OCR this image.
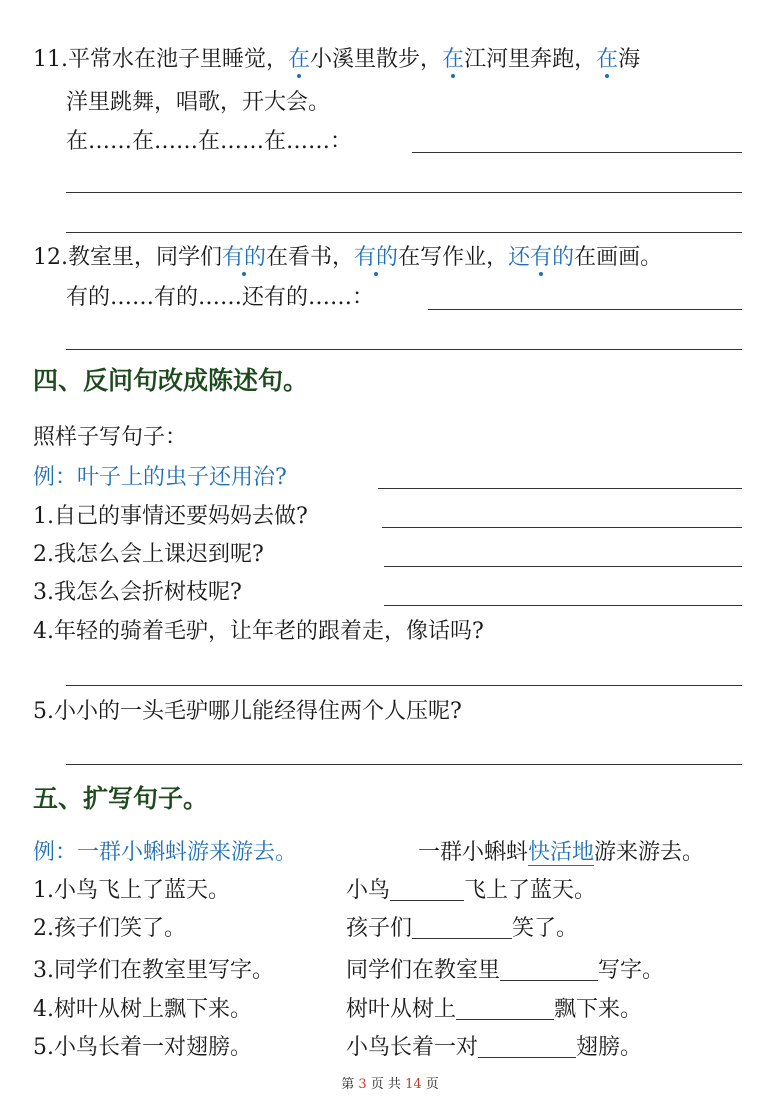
11.平常水在池子里睡觉，在小溪里散步，在江河里奔跑，在海
洋里跳舞，唱歌，开大会。
在……在……在……在……：
12.教室里，同学们有的在看书，有的在写作业，还有的在画画。
有的……有的……还有的……：
四、反问句改成陈述句。
照样子写句子：
例：叶子上的虫子还用治?
1.自己的事情还要妈妈去做?
2.我怎么会上课迟到呢?
3.我怎么会折树枝呢?
4.年轻的骑着毛驴，让年老的跟着走，像话吗?
5.小小的一头毛驴哪儿能经得住两个人压呢?
五、扩写句子。
例：一群小蝌蚪游来游去。	一群小蝌蚪快活地游来游去。
1.小鸟飞上了蓝天。	小鸟	飞上了蓝天。
2.孩子们笑了。	孩子们	笑了。
3.同学们在教室里写字。	同学们在教室里	写字。
4.树叶从树上飘下来。	树叶从树上	飘下来。
5.小鸟长着一对翅膀。	小鸟长着一对	翅膀。
第 3 页 共 14 页
